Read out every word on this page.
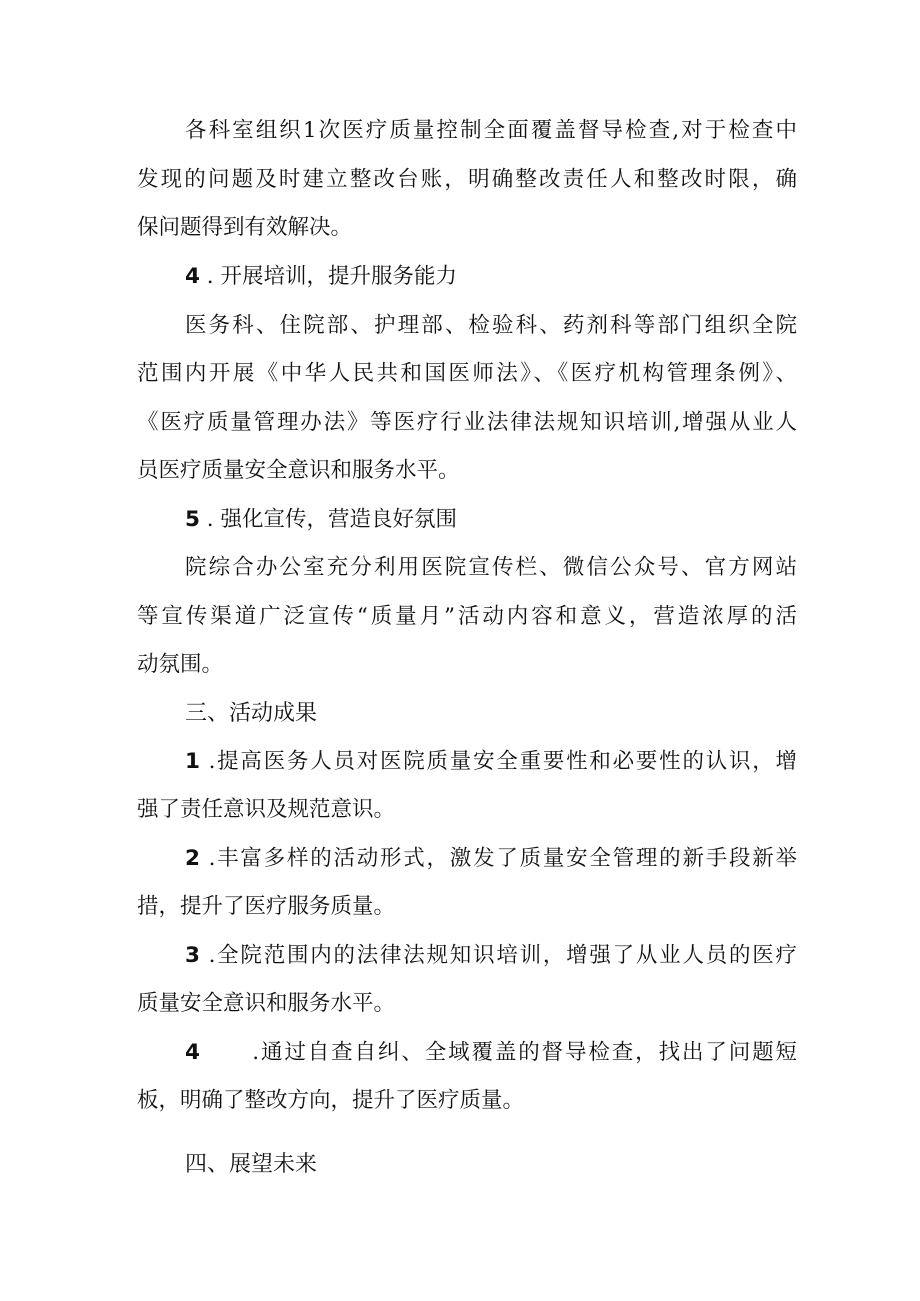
各科室组织1次医疗质量控制全面覆盖督导检查,对于检查中
发现的问题及时建立整改台账，明确整改责任人和整改时限，确
保问题得到有效解决。
4 . 开展培训，提升服务能力
医务科、住院部、护理部、检验科、药剂科等部门组织全院
范围内开展《中华人民共和国医师法》、《医疗机构管理条例》、
《医疗质量管理办法》等医疗行业法律法规知识培训,增强从业人
员医疗质量安全意识和服务水平。
5 . 强化宣传，营造良好氛围
院综合办公室充分利用医院宣传栏、微信公众号、官方网站
等宣传渠道广泛宣传“质量月”活动内容和意义，营造浓厚的活
动氛围。
三、活动成果
1 .提高医务人员对医院质量安全重要性和必要性的认识，增
强了责任意识及规范意识。
2 .丰富多样的活动形式，激发了质量安全管理的新手段新举
措，提升了医疗服务质量。
3 .全院范围内的法律法规知识培训，增强了从业人员的医疗
质量安全意识和服务水平。
4      .通过自查自纠、全域覆盖的督导检查，找出了问题短
板，明确了整改方向，提升了医疗质量。
四、展望未来
